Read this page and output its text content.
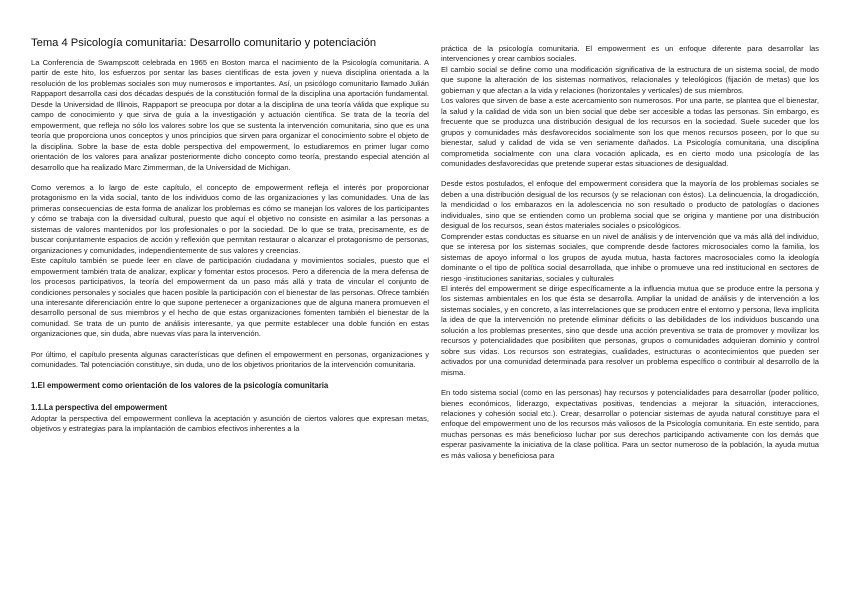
Tema 4 Psicología comunitaria: Desarrollo comunitario y potenciación

La Conferencia de Swampscott celebrada en 1965 en Boston marca el nacimiento de la Psicología comunitaria. A partir de este hito, los esfuerzos por sentar las bases científicas de esta joven y nueva disciplina orientada a la resolución de los problemas sociales son muy numerosos e importantes. Así, un psicólogo comunitario llamado Julián Rappaport desarrolla casi dos décadas después de la constitución formal de la disciplina una aportación fundamental. Desde la Universidad de Illinois, Rappaport se preocupa por dotar a la disciplina de una teoría válida que explique su campo de conocimiento y que sirva de guía a la investigación y actuación científica. Se trata de la teoría del empowerment, que refleja no sólo los valores sobre los que se sustenta la intervención comunitaria, sino que es una teoría que proporciona unos conceptos y unos principios que sirven para organizar el conocimiento sobre el objeto de la disciplina. Sobre la base de esta doble perspectiva del empowerment, lo estudiaremos en primer lugar como orientación de los valores para analizar posteriormente dicho concepto como teoría, prestando especial atención al desarrollo que ha realizado Marc Zimmerman, de la Universidad de Michigan.

Como veremos a lo largo de este capítulo, el concepto de empowerment refleja el interés por proporcionar protagonismo en la vida social, tanto de los individuos como de las organizaciones y las comunidades. Una de las primeras consecuencias de esta forma de analizar los problemas es cómo se manejan los valores de los participantes y cómo se trabaja con la diversidad cultural, puesto que aquí el objetivo no consiste en asimilar a las personas a sistemas de valores mantenidos por los profesionales o por la sociedad. De lo que se trata, precisamente, es de buscar conjuntamente espacios de acción y reflexión que permitan restaurar o alcanzar el protagonismo de personas, organizaciones y comunidades, independientemente de sus valores y creencias.

Este capítulo también se puede leer en clave de participación ciudadana y movimientos sociales, puesto que el empowerment también trata de analizar, explicar y fomentar estos procesos. Pero a diferencia de la mera defensa de los procesos participativos, la teoría del empowerment da un paso más allá y trata de vincular el conjunto de condiciones personales y sociales que hacen posible la participación con el bienestar de las personas. Ofrece también una interesante diferenciación entre lo que supone pertenecer a organizaciones que de alguna manera promueven el desarrollo personal de sus miembros y el hecho de que estas organizaciones fomenten también el bienestar de la comunidad. Se trata de un punto de análisis interesante, ya que permite establecer una doble función en estas organizaciones que, sin duda, abre nuevas vías para la intervención.

Por último, el capítulo presenta algunas características que definen el empowerment en personas, organizaciones y comunidades. Tal potenciación constituye, sin duda, uno de los objetivos prioritarios de la intervención comunitaria.

1.El empowerment como orientación de los valores de la psicología comunitaria
1.1.La perspectiva del empowerment

Adoptar la perspectiva del empowerment conlleva la aceptación y asunción de ciertos valores que expresan metas, objetivos y estrategias para la implantación de cambios efectivos inherentes a la

práctica de la psicología comunitaria. El empowerment es un enfoque diferente para desarrollar las intervenciones y crear cambios sociales.

El cambio social se define como una modificación significativa de la estructura de un sistema social, de modo que supone la alteración de los sistemas normativos, relacionales y teleológicos (fijación de metas) que los gobiernan y que afectan a la vida y relaciones (horizontales y verticales) de sus miembros.

Los valores que sirven de base a este acercamiento son numerosos. Por una parte, se plantea que el bienestar, la salud y la calidad de vida son un bien social que debe ser accesible a todas las personas. Sin embargo, es frecuente que se produzca una distribución desigual de los recursos en la sociedad. Suele suceder que los grupos y comunidades más desfavorecidos socialmente son los que menos recursos poseen, por lo que su bienestar, salud y calidad de vida se ven seriamente dañados. La Psicología comunitaria, una disciplina comprometida socialmente con una clara vocación aplicada, es en cierto modo una psicología de las comunidades desfavorecidas que pretende superar estas situaciones de desigualdad.

Desde estos postulados, el enfoque del empowerment considera que la mayoría de los problemas sociales se deben a una distribución desigual de los recursos (y se relacionan con éstos). La delincuencia, la drogadicción, la mendicidad o los embarazos en la adolescencia no son resultado o producto de patologías o daciones individuales, sino que se entienden como un problema social que se origina y mantiene por una distribución desigual de los recursos, sean éstos materiales sociales o psicológicos.

Comprender estas conductas es situarse en un nivel de análisis y de intervención que va más allá del individuo, que se interesa por los sistemas sociales, que comprende desde factores microsociales como la familia, los sistemas de apoyo informal o los grupos de ayuda mutua, hasta factores macrosociales como la ideología dominante o el tipo de política social desarrollada, que inhibe o promueve una red institucional en sectores de riesgo -instituciones sanitarias, sociales y culturales

El interés del empowerment se dirige específicamente a la influencia mutua que se produce entre la persona y los sistemas ambientales en los que ésta se desarrolla. Ampliar la unidad de análisis y de intervención a los sistemas sociales, y en concreto, a las interrelaciones que se producen entre el entorno y persona, lleva implícita la idea de que la intervención no pretende eliminar déficits o las debilidades de los individuos buscando una solución a los problemas presentes, sino que desde una acción preventiva se trata de promover y movilizar los recursos y potencialidades que posibiliten que personas, grupos o comunidades adquieran dominio y control sobre sus vidas. Los recursos son estrategias, cualidades, estructuras o acontecimientos que pueden ser activados por una comunidad determinada para resolver un problema específico o contribuir al desarrollo de la misma.

En todo sistema social (como en las personas) hay recursos y potencialidades para desarrollar (poder político, bienes económicos, liderazgo, expectativas positivas, tendencias a mejorar la situación, interacciones, relaciones y cohesión social etc.). Crear, desarrollar o potenciar sistemas de ayuda natural constituye para el enfoque del empowerment uno de los recursos más valiosos de la Psicología comunitaria. En este sentido, para muchas personas es más beneficioso luchar por sus derechos participando activamente con los demás que esperar pasivamente la iniciativa de la clase política. Para un sector numeroso de la población, la ayuda mutua es más valiosa y beneficiosa para
